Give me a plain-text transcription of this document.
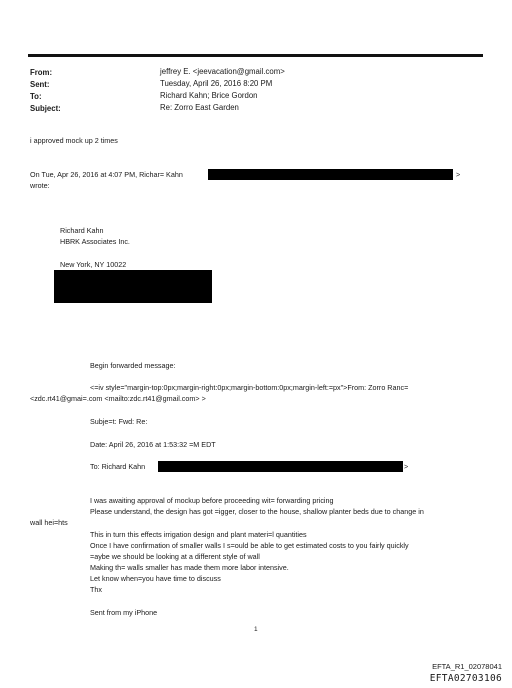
From:	jeffrey E. <jeevacation@gmail.com>
Sent:	Tuesday, April 26, 2016 8:20 PM
To:	Richard Kahn; Brice Gordon
Subject:	Re: Zorro East Garden
i approved mock up 2 times
On Tue, Apr 26, 2016 at 4:07 PM, Richar= Kahn	>
wrote:
Richard Kahn
HBRK Associates Inc.
New York, NY 10022
Begin forwarded message:
<=iv style="margin-top:0px;margin-right:0px;margin-bottom:0px;margin-left:=px">From: Zorro Ranc=
<zdc.rt41@gmai=.com <mailto:zdc.rt41@gmail.com> >
Subje=t: Fwd: Re:
Date: April 26, 2016 at 1:53:32 =M EDT
To: Richard Kahn	>
I was awaiting approval of mockup before proceeding wit= forwarding pricing
Please understand, the design has got =igger, closer to the house, shallow planter beds due to change in
wall hei=hts
This in turn this effects irrigation design and plant materi=l quantities
Once I have confirmation of smaller walls I s=ould be able to get estimated costs to you fairly quickly
=aybe we should be looking at a different style of wall
Making th= walls smaller has made them more labor intensive.
Let know when=you have time to discuss
Thx
Sent from my iPhone
1
EFTA_R1_02078041
EFTA02703106
